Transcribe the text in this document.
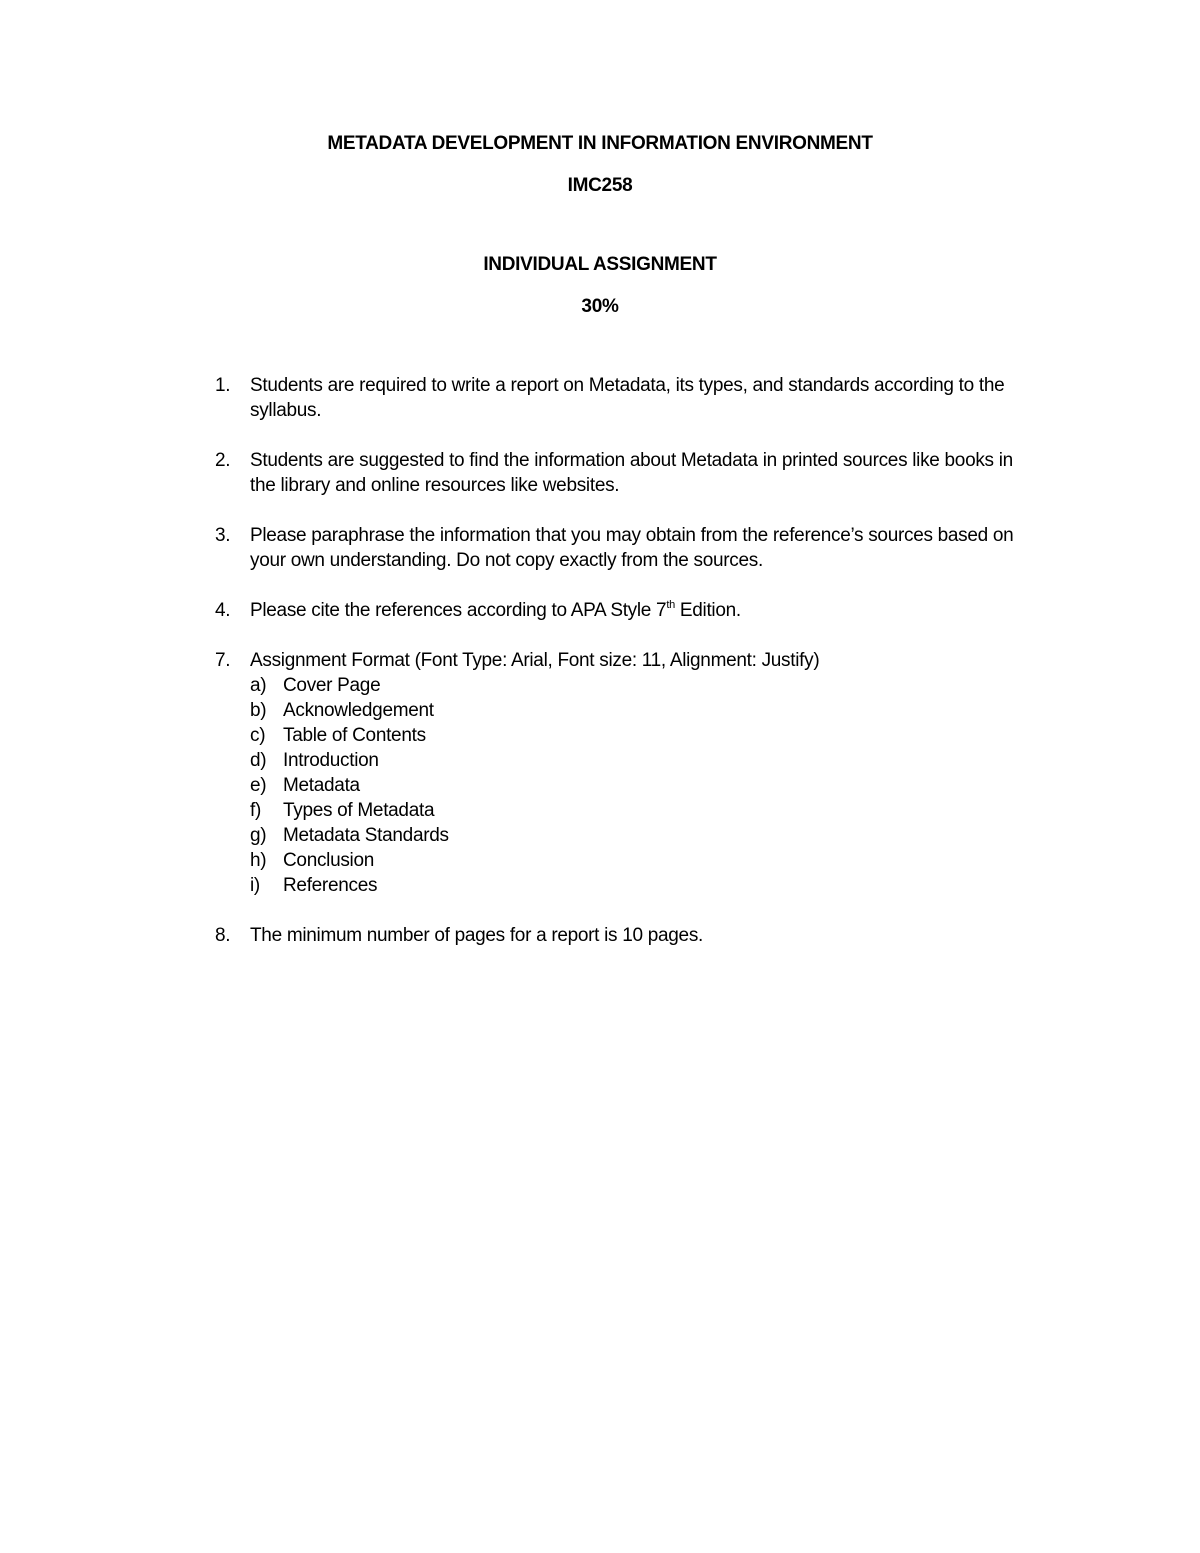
METADATA DEVELOPMENT IN INFORMATION ENVIRONMENT
IMC258
INDIVIDUAL ASSIGNMENT
30%
1. Students are required to write a report on Metadata, its types, and standards according to the syllabus.
2. Students are suggested to find the information about Metadata in printed sources like books in the library and online resources like websites.
3. Please paraphrase the information that you may obtain from the reference’s sources based on your own understanding. Do not copy exactly from the sources.
4. Please cite the references according to APA Style 7th Edition.
7. Assignment Format (Font Type: Arial, Font size: 11, Alignment: Justify)
a) Cover Page
b) Acknowledgement
c) Table of Contents
d) Introduction
e) Metadata
f) Types of Metadata
g) Metadata Standards
h) Conclusion
i) References
8. The minimum number of pages for a report is 10 pages.
